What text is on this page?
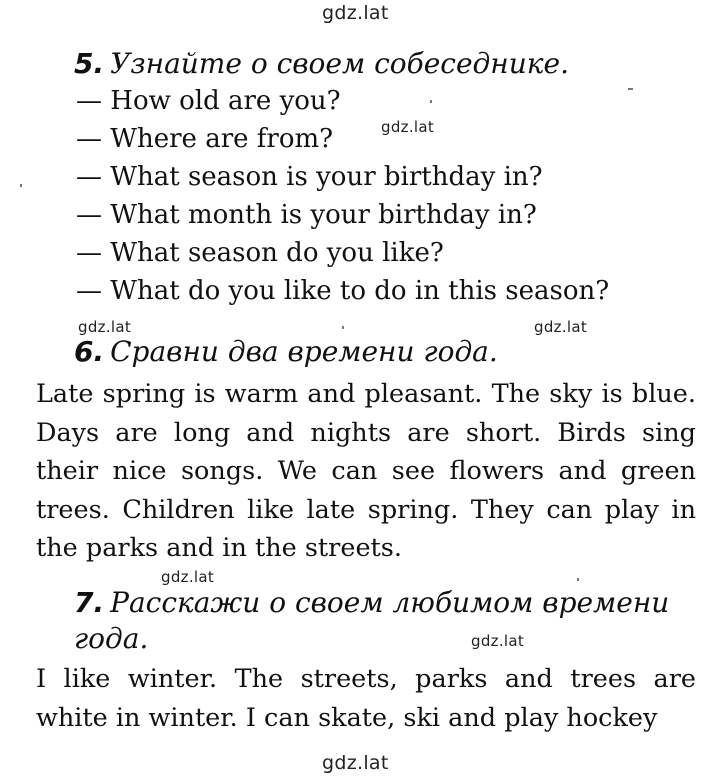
gdz.lat
gdz.lat
gdz.lat	gdz.lat
gdz.lat
gdz.lat
gdz.lat
5. Узнайте о своем собеседнике.
— How old are you?
— Where are from?
— What season is your birthday in?
— What month is your birthday in?
— What season do you like?
— What do you like to do in this season?
6. Сравни два времени года.
Late spring is warm and pleasant. The sky is blue. Days are long and nights are short. Birds sing their nice songs. We can see flowers and green trees. Children like late spring. They can play in the parks and in the streets.
7. Расскажи о своем любимом времени
года.
I like winter. The streets, parks and trees are white in winter. I can skate, ski and play hockey
